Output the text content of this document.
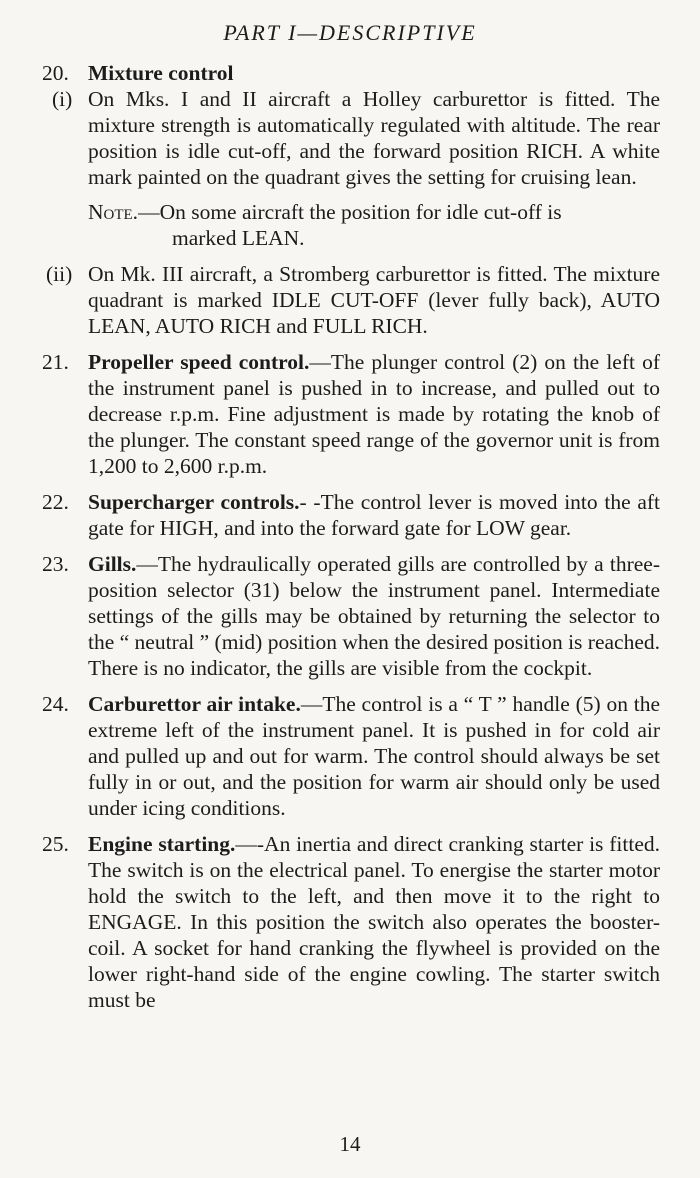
PART I—DESCRIPTIVE
20. Mixture control
(i) On Mks. I and II aircraft a Holley carburettor is fitted. The mixture strength is automatically regulated with altitude. The rear position is idle cut-off, and the forward position RICH. A white mark painted on the quadrant gives the setting for cruising lean.
Note.—On some aircraft the position for idle cut-off is
marked LEAN.
(ii) On Mk. III aircraft, a Stromberg carburettor is fitted. The mixture quadrant is marked IDLE CUT-OFF (lever fully back), AUTO LEAN, AUTO RICH and FULL RICH.
21. Propeller speed control.—The plunger control (2) on the left of the instrument panel is pushed in to increase, and pulled out to decrease r.p.m. Fine adjustment is made by rotating the knob of the plunger. The constant speed range of the governor unit is from 1,200 to 2,600 r.p.m.
22. Supercharger controls.- -The control lever is moved into the aft gate for HIGH, and into the forward gate for LOW gear.
23. Gills.—The hydraulically operated gills are controlled by a three-position selector (31) below the instrument panel. Intermediate settings of the gills may be obtained by returning the selector to the “ neutral ” (mid) position when the desired position is reached. There is no indicator, the gills are visible from the cockpit.
24. Carburettor air intake.—The control is a “ T ” handle (5) on the extreme left of the instrument panel. It is pushed in for cold air and pulled up and out for warm. The control should always be set fully in or out, and the position for warm air should only be used under icing conditions.
25. Engine starting.—-An inertia and direct cranking starter is fitted. The switch is on the electrical panel. To energise the starter motor hold the switch to the left, and then move it to the right to ENGAGE. In this position the switch also operates the booster-coil. A socket for hand cranking the flywheel is provided on the lower right-hand side of the engine cowling. The starter switch must be
14
